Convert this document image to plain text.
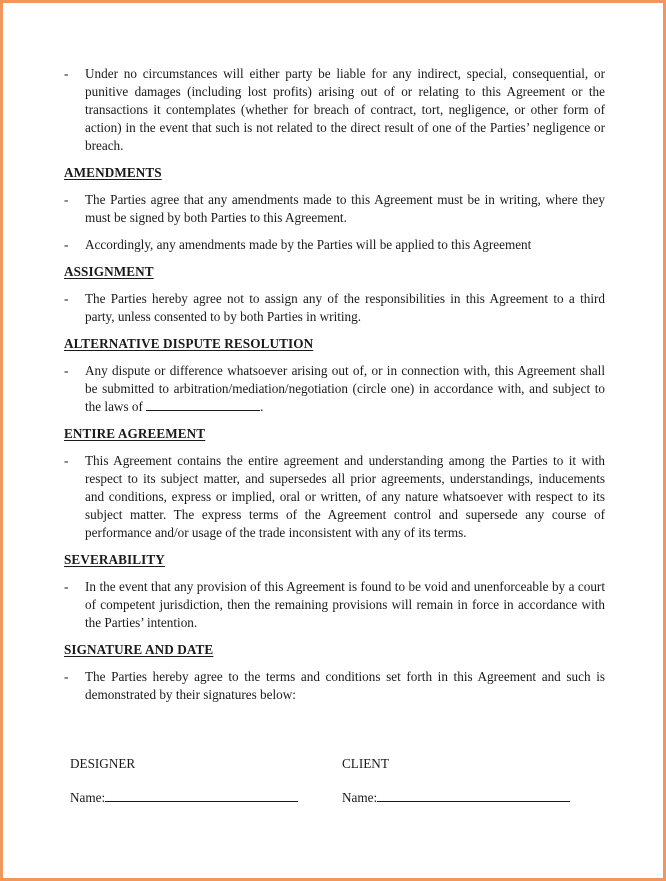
- Under no circumstances will either party be liable for any indirect, special, consequential, or punitive damages (including lost profits) arising out of or relating to this Agreement or the transactions it contemplates (whether for breach of contract, tort, negligence, or other form of action) in the event that such is not related to the direct result of one of the Parties’ negligence or breach.
AMENDMENTS
- The Parties agree that any amendments made to this Agreement must be in writing, where they must be signed by both Parties to this Agreement.
- Accordingly, any amendments made by the Parties will be applied to this Agreement
ASSIGNMENT
- The Parties hereby agree not to assign any of the responsibilities in this Agreement to a third party, unless consented to by both Parties in writing.
ALTERNATIVE DISPUTE RESOLUTION
- Any dispute or difference whatsoever arising out of, or in connection with, this Agreement shall be submitted to arbitration/mediation/negotiation (circle one) in accordance with, and subject to the laws of	.
ENTIRE AGREEMENT
- This Agreement contains the entire agreement and understanding among the Parties to it with respect to its subject matter, and supersedes all prior agreements, understandings, inducements and conditions, express or implied, oral or written, of any nature whatsoever with respect to its subject matter. The express terms of the Agreement control and supersede any course of performance and/or usage of the trade inconsistent with any of its terms.
SEVERABILITY
- In the event that any provision of this Agreement is found to be void and unenforceable by a court of competent jurisdiction, then the remaining provisions will remain in force in accordance with the Parties’ intention.
SIGNATURE AND DATE
- The Parties hereby agree to the terms and conditions set forth in this Agreement and such is demonstrated by their signatures below:
DESIGNER
Name:
CLIENT
Name:
